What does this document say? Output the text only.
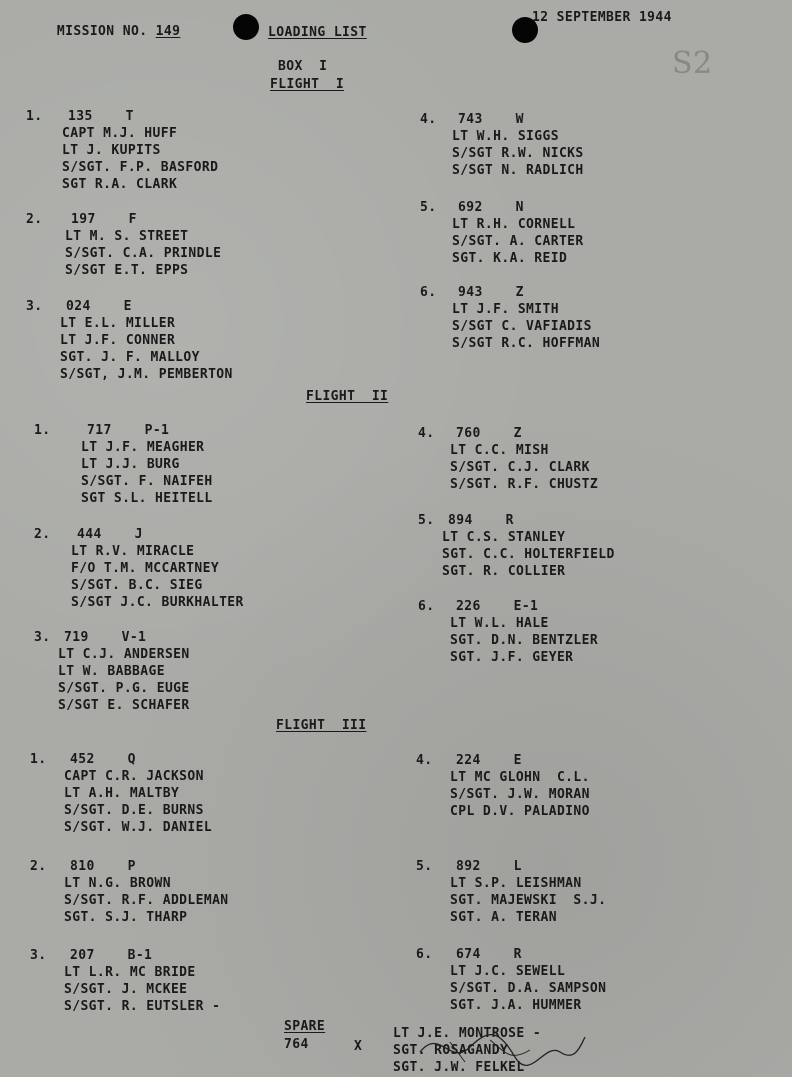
MISSION NO. 149
	LOADING LIST
12 SEPTEMBER 1944
S2
BOX  I
FLIGHT  I
1. 135    T
CAPT M.J. HUFF
LT J. KUPITS
S/SGT. F.P. BASFORD
SGT R.A. CLARK
2. 197    F
LT M. S. STREET
S/SGT. C.A. PRINDLE
S/SGT E.T. EPPS
3. 024    E
LT E.L. MILLER
LT J.F. CONNER
SGT. J. F. MALLOY
S/SGT, J.M. PEMBERTON
4. 743    W
LT W.H. SIGGS
S/SGT R.W. NICKS
S/SGT N. RADLICH
5. 692    N
LT R.H. CORNELL
S/SGT. A. CARTER
SGT. K.A. REID
6. 943    Z
LT J.F. SMITH
S/SGT C. VAFIADIS
S/SGT R.C. HOFFMAN
FLIGHT  II
1.	717    P-1
LT J.F. MEAGHER
LT J.J. BURG
S/SGT. F. NAIFEH
SGT S.L. HEITELL
2. 444    J
LT R.V. MIRACLE
F/O T.M. MCCARTNEY
S/SGT. B.C. SIEG
S/SGT J.C. BURKHALTER
3. 719    V-1
LT C.J. ANDERSEN
LT W. BABBAGE
S/SGT. P.G. EUGE
S/SGT E. SCHAFER
4. 760    Z
LT C.C. MISH
S/SGT. C.J. CLARK
S/SGT. R.F. CHUSTZ
5. 894    R
LT C.S. STANLEY
SGT. C.C. HOLTERFIELD
SGT. R. COLLIER
6. 226    E-1
LT W.L. HALE
SGT. D.N. BENTZLER
SGT. J.F. GEYER
FLIGHT  III
1. 452    Q
CAPT C.R. JACKSON
LT A.H. MALTBY
S/SGT. D.E. BURNS
S/SGT. W.J. DANIEL
2. 810    P
LT N.G. BROWN
S/SGT. R.F. ADDLEMAN
SGT. S.J. THARP
3. 207    B-1
LT L.R. MC BRIDE
S/SGT. J. MCKEE
S/SGT. R. EUTSLER -
4. 224    E
LT MC GLOHN  C.L.
S/SGT. J.W. MORAN
CPL D.V. PALADINO
5. 892    L
LT S.P. LEISHMAN
SGT. MAJEWSKI  S.J.
SGT. A. TERAN
6. 674    R
LT J.C. SEWELL
S/SGT. D.A. SAMPSON
SGT. J.A. HUMMER
SPARE
764	X
LT J.E. MONTROSE -
SGT. ROSAGANDY
SGT. J.W. FELKEL
